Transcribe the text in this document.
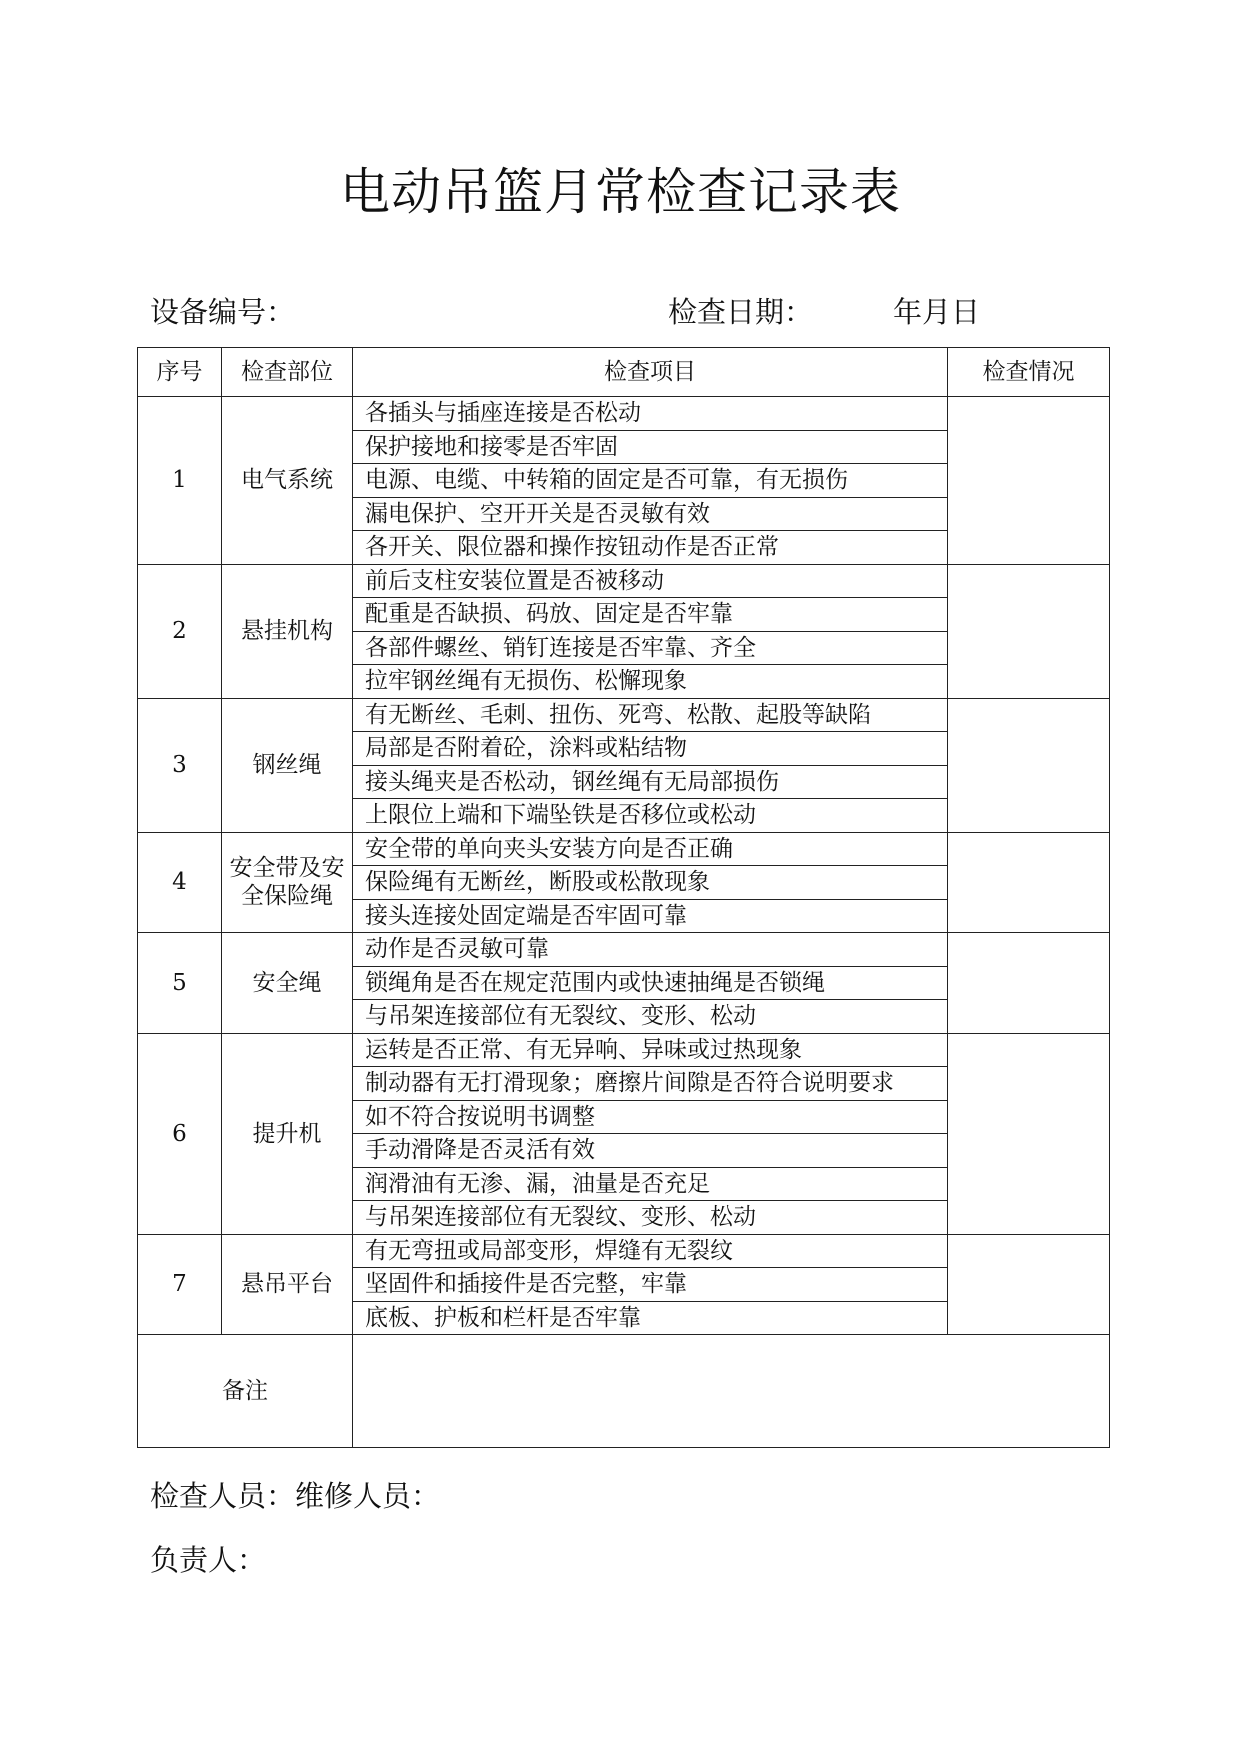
电动吊篮月常检查记录表
设备编号：	检查日期：	年月日
序号	检查部位	检查项目	检查情况
1	电气系统	各插头与插座连接是否松动	
		保护接地和接零是否牢固	
		电源、电缆、中转箱的固定是否可靠，有无损伤	
		漏电保护、空开开关是否灵敏有效	
		各开关、限位器和操作按钮动作是否正常	
2	悬挂机构	前后支柱安装位置是否被移动	
		配重是否缺损、码放、固定是否牢靠	
		各部件螺丝、销钉连接是否牢靠、齐全	
		拉牢钢丝绳有无损伤、松懈现象	
3	钢丝绳	有无断丝、毛刺、扭伤、死弯、松散、起股等缺陷	
		局部是否附着砼，涂料或粘结物	
		接头绳夹是否松动，钢丝绳有无局部损伤	
		上限位上端和下端坠铁是否移位或松动	
4	安全带及安全保险绳	安全带的单向夹头安装方向是否正确	
		保险绳有无断丝，断股或松散现象	
		接头连接处固定端是否牢固可靠	
5	安全绳	动作是否灵敏可靠	
		锁绳角是否在规定范围内或快速抽绳是否锁绳	
		与吊架连接部位有无裂纹、变形、松动	
6	提升机	运转是否正常、有无异响、异味或过热现象	
		制动器有无打滑现象；磨擦片间隙是否符合说明要求	
		如不符合按说明书调整	
		手动滑降是否灵活有效	
		润滑油有无渗、漏，油量是否充足	
		与吊架连接部位有无裂纹、变形、松动	
7	悬吊平台	有无弯扭或局部变形，焊缝有无裂纹	
		坚固件和插接件是否完整，牢靠	
		底板、护板和栏杆是否牢靠	
备注			
检查人员：维修人员：
负责人：
